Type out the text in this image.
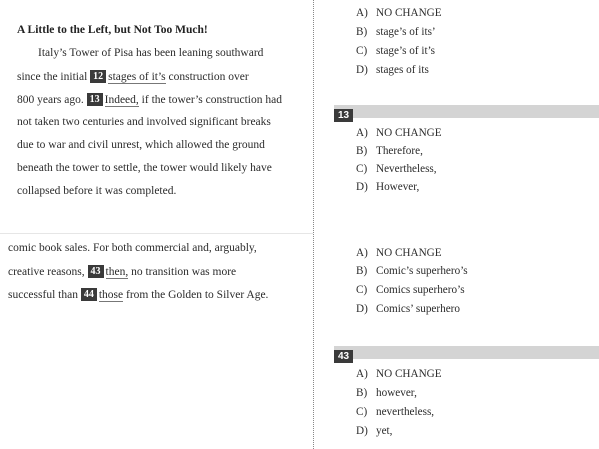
A Little to the Left, but Not Too Much!
Italy’s Tower of Pisa has been leaning southward
since the initial 12 stages of it’s construction over
800 years ago. 13 Indeed, if the tower’s construction had
not taken two centuries and involved significant breaks
due to war and civil unrest, which allowed the ground
beneath the tower to settle, the tower would likely have
collapsed before it was completed.
comic book sales. For both commercial and, arguably,
creative reasons, 43 then, no transition was more
successful than 44 those from the Golden to Silver Age.
A) NO CHANGE
B) stage’s of its’
C) stage’s of it’s
D) stages of its
13
A) NO CHANGE
B) Therefore,
C) Nevertheless,
D) However,
A) NO CHANGE
B) Comic’s superhero’s
C) Comics superhero’s
D) Comics’ superhero
43
A) NO CHANGE
B) however,
C) nevertheless,
D) yet,
